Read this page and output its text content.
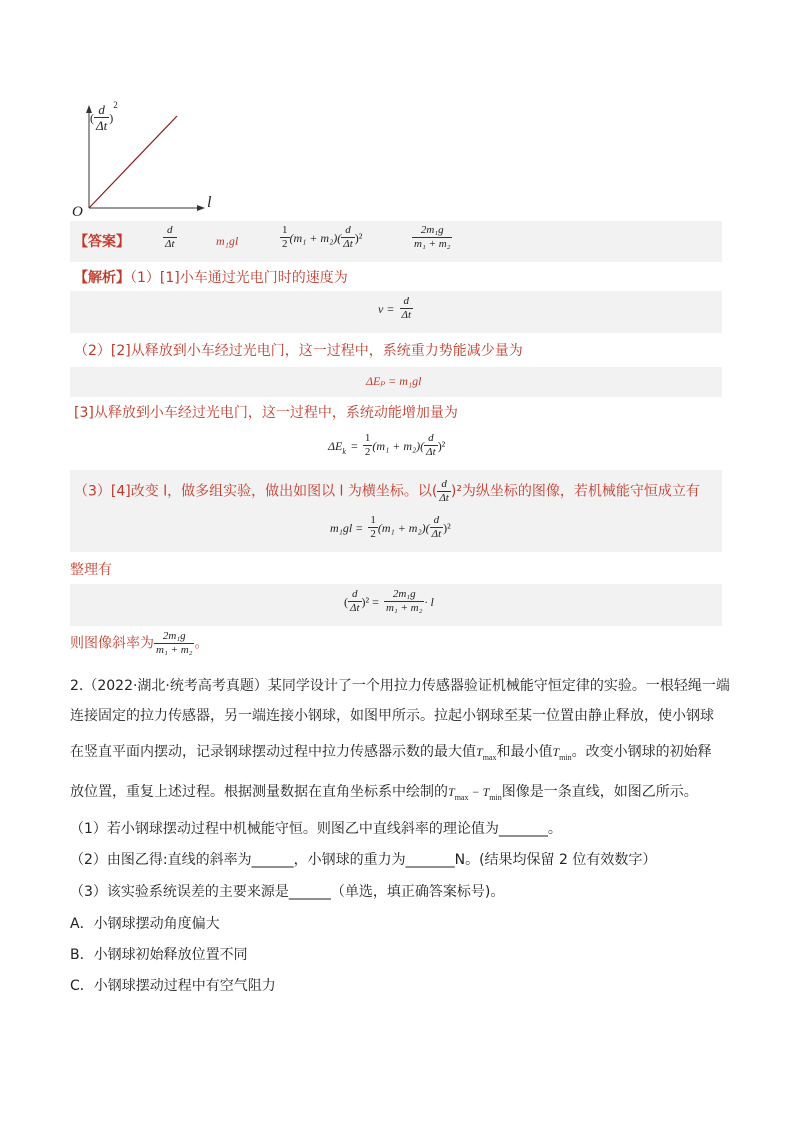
( $\frac{d}{\Delta t} )^2$
l
O
【答案】	$\frac{d}{\Delta t}$	m₁gl	$\frac{1}{2} (m_1 + m_2)( \frac{d}{\Delta t} )^2$	$\frac{\text{2m₁g}}{\text{m₁ + m₂}}$
【解析】（1）[1]小车通过光电门时的速度为
$v = \frac{d}{\Delta t}$
（2）[2]从释放到小车经过光电门，这一过程中，系统重力势能减少量为
ΔEₚ = m₁gl
[3]从释放到小车经过光电门，这一过程中，系统动能增加量为
$\Delta E_k = \frac{1}{2} (m_1 + m_2)( \frac{d}{\Delta t} )^2$
（3）[4]改变 l，做多组实验，做出如图以 l 为横坐标。以( $\frac{d}{\Delta t} )^2$为纵坐标的图像，若机械能守恒成立有
$m_1gl = \frac{1}{2} (m_1 + m_2)( \frac{d}{\Delta t} )^2$
整理有
( $\frac{d}{\Delta t} )^2 = \frac{\text{2m₁g}}{\text{m₁ + m₂}} \cdot l$
则图像斜率为 $\frac{\text{2m₁g}}{\text{m₁ + m₂}}$ 。
2.（2022·湖北·统考高考真题）某同学设计了一个用拉力传感器验证机械能守恒定律的实验。一根轻绳一端
连接固定的拉力传感器，另一端连接小钢球，如图甲所示。拉起小钢球至某一位置由静止释放，使小钢球
在竖直平面内摆动，记录钢球摆动过程中拉力传感器示数的最大值$T_{max}$和最小值$T_{min}$。改变小钢球的初始释
放位置，重复上述过程。根据测量数据在直角坐标系中绘制的$T_{max} - T_{min}$图像是一条直线，如图乙所示。
（1）若小钢球摆动过程中机械能守恒。则图乙中直线斜率的理论值为_______。
（2）由图乙得:直线的斜率为______，小钢球的重力为_______N。(结果均保留 2 位有效数字）
（3）该实验系统误差的主要来源是______（单选，填正确答案标号)。
A．小钢球摆动角度偏大
B．小钢球初始释放位置不同
C．小钢球摆动过程中有空气阻力
